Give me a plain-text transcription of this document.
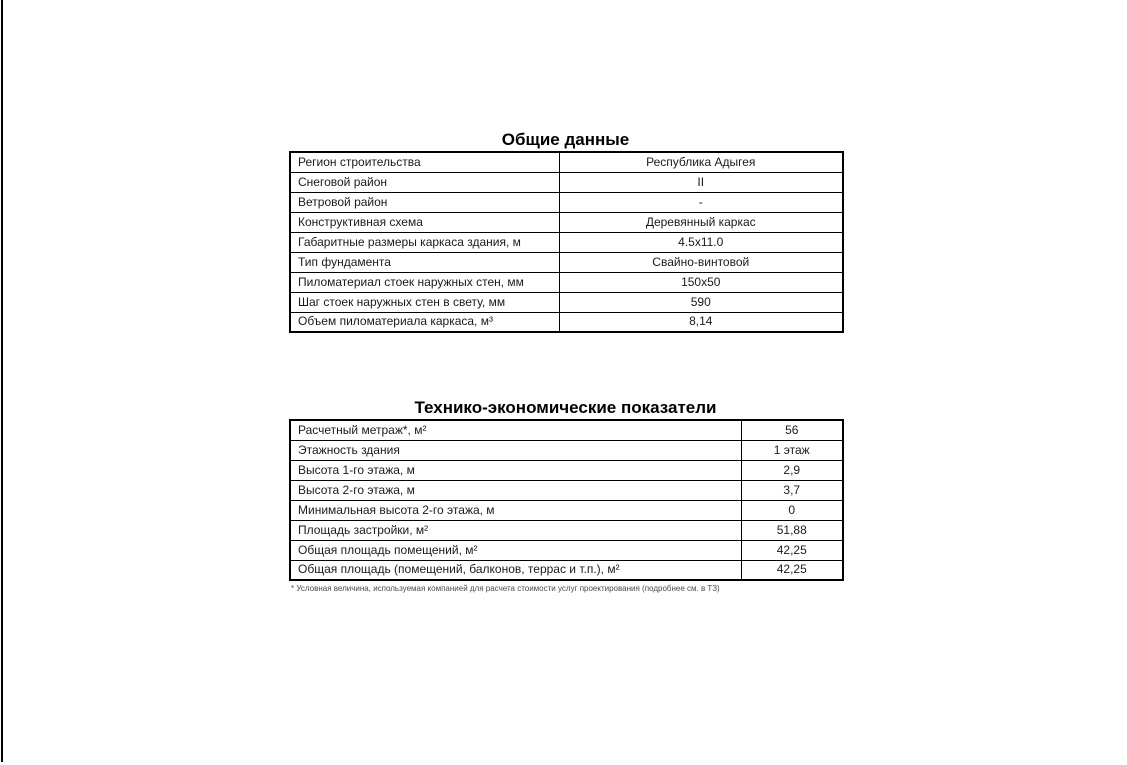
Общие данные
Регион строительства	Республика Адыгея
Снеговой район	II
Ветровой район	-
Конструктивная схема	Деревянный каркас
Габаритные размеры каркаса здания, м	4.5x11.0
Тип фундамента	Свайно-винтовой
Пиломатериал стоек наружных стен, мм	150x50
Шаг стоек наружных стен в свету, мм	590
Объем пиломатериала каркаса, м³	8,14
Технико-экономические показатели
Расчетный метраж*, м²	56
Этажность здания	1 этаж
Высота 1-го этажа, м	2,9
Высота 2-го этажа, м	3,7
Минимальная высота 2-го этажа, м	0
Площадь застройки, м²	51,88
Общая площадь помещений, м²	42,25
Общая площадь (помещений, балконов, террас и т.п.), м²	42,25
* Условная величина, используемая компанией для расчета стоимости услуг проектирования (подробнее см. в ТЗ)
